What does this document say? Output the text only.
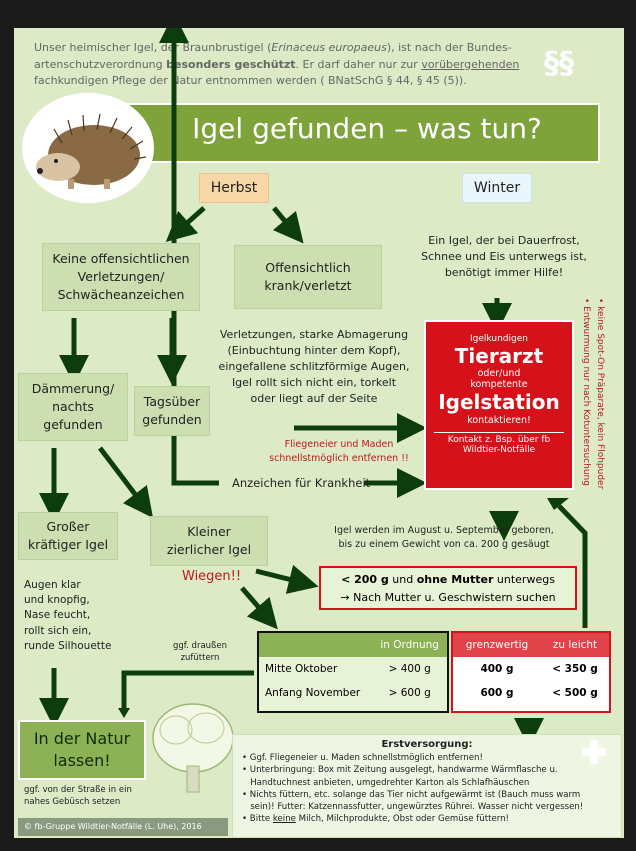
Unser heimischer Igel, der Braunbrustigel (Erinaceus europaeus), ist nach der Bundes-
artenschutzverordnung besonders geschützt. Er darf daher nur zur vorübergehenden
fachkundigen Pflege der Natur entnommen werden ( BNatSchG § 44, § 45 (5)).	§§
Igel gefunden – was tun?
Herbst	Winter
Keine offensichtlichen
Verletzungen/
Schwächeanzeichen
Offensichtlich
krank/verletzt
Ein Igel, der bei Dauerfrost,
Schnee und Eis unterwegs ist,
benötigt immer Hilfe!
Verletzungen, starke Abmagerung
(Einbuchtung hinter dem Kopf),
eingefallene schlitzförmige Augen,
Igel rollt sich nicht ein, torkelt
oder liegt auf der Seite
Fliegeneier und Maden
schnellstmöglich entfernen !!
Anzeichen für Krankheit
Igelkundigen
Tierarzt
oder/und
kompetente
Igelstation
kontaktieren!
Kontakt z. Bsp. über fb
Wildtier-Notfälle	• keine Spot-On Präparate, kein Flohpuder
• Entwurmung nur nach Kotuntersuchung
Dämmerung/
nachts
gefunden
Tagsüber
gefunden
Großer
kräftiger Igel
Kleiner
zierlicher Igel
Wiegen!!
Igel werden im August u. September geboren,
bis zu einem Gewicht von ca. 200 g gesäugt
< 200 g und ohne Mutter unterwegs
→ Nach Mutter u. Geschwistern suchen
Augen klar
und knopfig,
Nase feucht,
rollt sich ein,
runde Silhouette	ggf. draußen
zufüttern
	in Ordnung
Mitte Oktober	> 400 g
Anfang November	> 600 g
grenzwertig	zu leicht
400 g	< 350 g
600 g	< 500 g
In der Natur
lassen!
ggf. von der Straße in ein
nahes Gebüsch setzen
© fb-Gruppe Wildtier-Notfälle (L. Uhe), 2016
Erstversorgung:
• Ggf. Fliegeneier u. Maden schnellstmöglich entfernen!
• Unterbringung: Box mit Zeitung ausgelegt, handwarme Wärmflasche u.
Handtuchnest anbieten, umgedrehter Karton als Schlafhäuschen
• Nichts füttern, etc. solange das Tier nicht aufgewärmt ist (Bauch muss warm
sein)! Futter: Katzennassfutter, ungewürztes Rührei. Wasser nicht vergessen!
• Bitte keine Milch, Milchprodukte, Obst oder Gemüse füttern!
